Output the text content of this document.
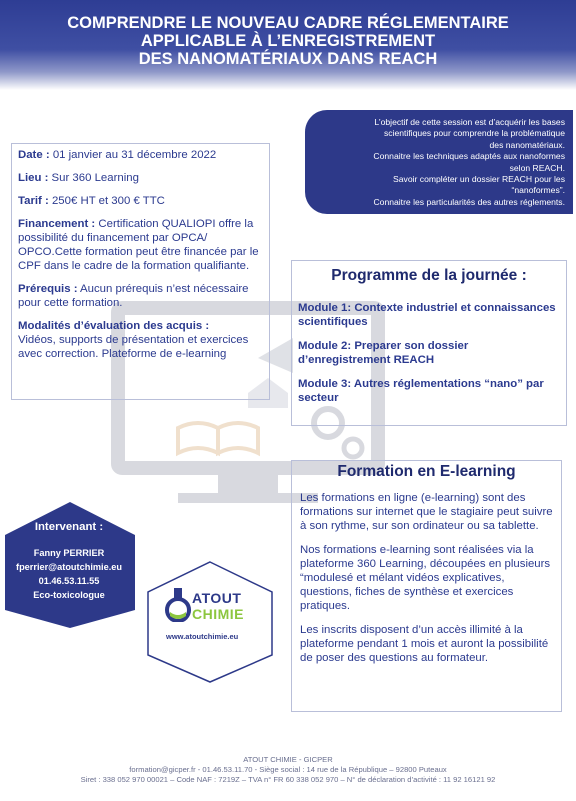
COMPRENDRE LE NOUVEAU CADRE RÉGLEMENTAIRE
APPLICABLE À L’ENREGISTREMENT
DES NANOMATÉRIAUX DANS REACH
L’objectif de cette session est d’acquérir les bases
scientifiques pour comprendre la problématique
des nanomatériaux.
Connaitre les techniques adaptés aux nanoformes
selon REACH.
Savoir compléter un dossier REACH pour les
“nanoformes”.
Connaitre les particularités des autres réglements.

Date : 01 janvier au 31 décembre 2022

Lieu : Sur 360 Learning

Tarif : 250€ HT et 300 € TTC

Financement : Certification QUALIOPI offre la possibilité du financement par OPCA/ OPCO.Cette formation peut être financée par le CPF dans le cadre de la formation qualifiante.

Prérequis : Aucun prérequis n’est nécessaire pour cette formation.

Modalités d’évaluation des acquis :
Vidéos, supports de présentation et exercices avec correction. Plateforme de e-learning

Programme de la journée :
Module 1: Contexte industriel et connaissances scientifiques
Module 2: Preparer son dossier d’enregistrement REACH
Module 3: Autres réglementations “nano” par secteur
Formation en E-learning

Les formations en ligne (e-learning) sont des formations sur internet que le stagiaire peut suivre à son rythme, sur son ordinateur ou sa tablette.

Nos formations e-learning sont réalisées via la plateforme 360 Learning, découpées en plusieurs “modulesé et mélant vidéos explicatives, questions, fiches de synthèse et exercices pratiques.

Les inscrits disposent d’un accès illimité à la plateforme pendant 1 mois et auront la possibilité de poser des questions au formateur.

Intervenant :
Fanny PERRIER
fperrier@atoutchimie.eu
01.46.53.11.55
Eco-toxicologue	ATOUT
CHIMIE
www.atoutchimie.eu
ATOUT CHIMIE - GICPER
formation@gicper.fr - 01.46.53.11.70 - Siège social : 14 rue de la République – 92800 Puteaux
Siret : 338 052 970 00021 – Code NAF : 7219Z – TVA n° FR 60 338 052 970 – N° de déclaration d’activité : 11 92 16121 92
